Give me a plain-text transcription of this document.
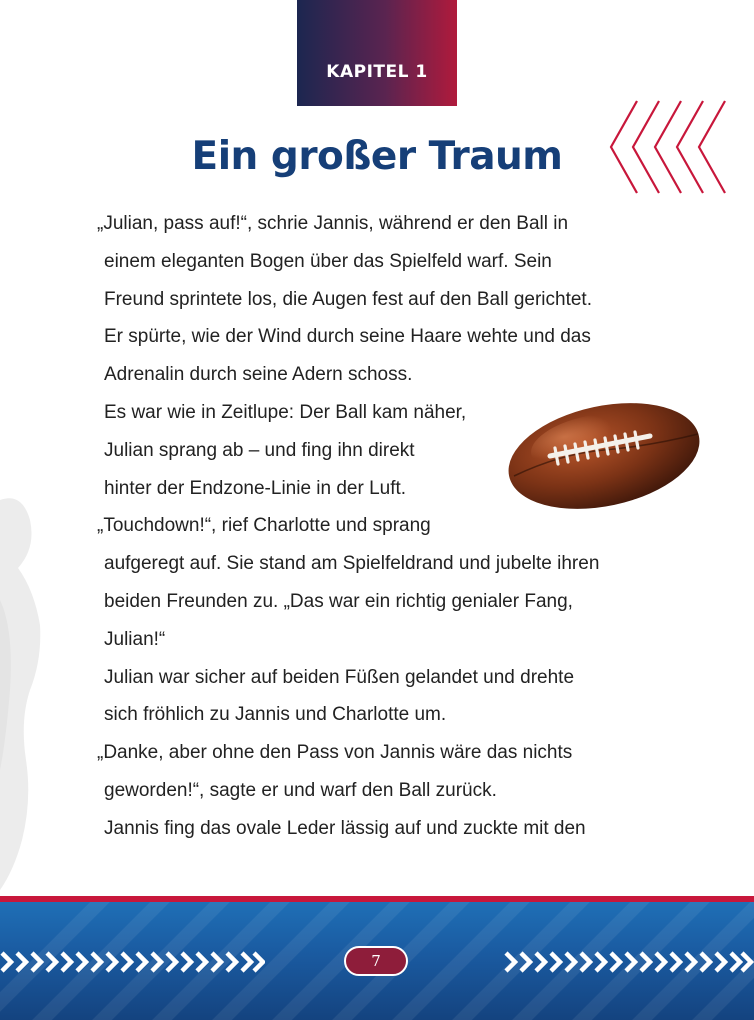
KAPITEL 1
Ein großer Traum
„Julian, pass auf!“, schrie Jannis, während er den Ball in
einem eleganten Bogen über das Spielfeld warf. Sein
Freund sprintete los, die Augen fest auf den Ball gerichtet.
Er spürte, wie der Wind durch seine Haare wehte und das
Adrenalin durch seine Adern schoss.
Es war wie in Zeitlupe: Der Ball kam näher,
Julian sprang ab – und fing ihn direkt
hinter der Endzone-Linie in der Luft.
„Touchdown!“, rief Charlotte und sprang
aufgeregt auf. Sie stand am Spielfeldrand und jubelte ihren
beiden Freunden zu. „Das war ein richtig genialer Fang,
Julian!“
Julian war sicher auf beiden Füßen gelandet und drehte
sich fröhlich zu Jannis und Charlotte um.
„Danke, aber ohne den Pass von Jannis wäre das nichts
geworden!“, sagte er und warf den Ball zurück.
Jannis fing das ovale Leder lässig auf und zuckte mit den
7
